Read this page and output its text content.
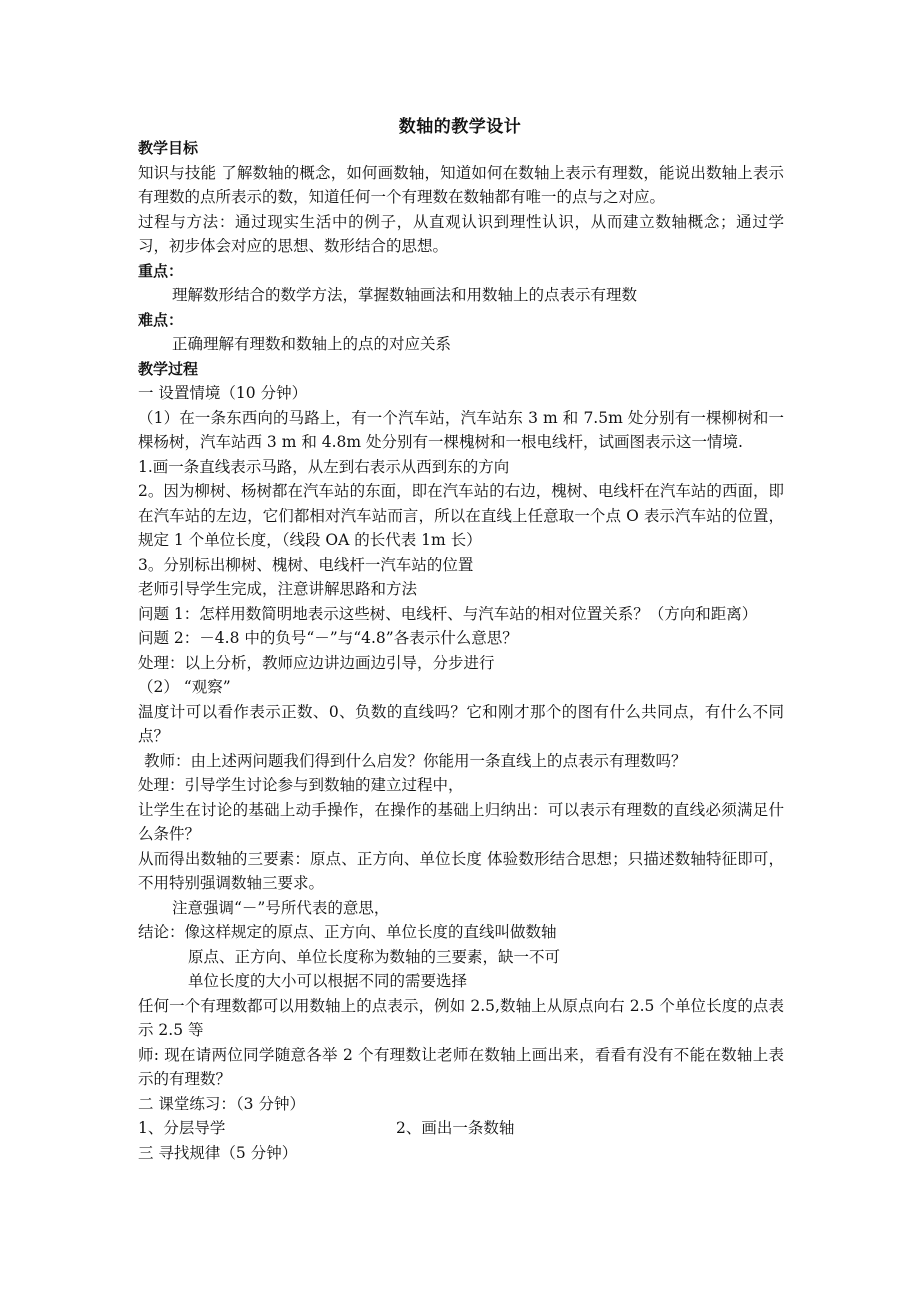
数轴的教学设计
教学目标
知识与技能 了解数轴的概念，如何画数轴，知道如何在数轴上表示有理数，能说出数轴上表示有理数的点所表示的数，知道任何一个有理数在数轴都有唯一的点与之对应。
过程与方法：通过现实生活中的例子，从直观认识到理性认识，从而建立数轴概念；通过学习，初步体会对应的思想、数形结合的思想。
重点：
理解数形结合的数学方法，掌握数轴画法和用数轴上的点表示有理数
难点：
正确理解有理数和数轴上的点的对应关系
教学过程
一 设置情境（10 分钟）
（1）在一条东西向的马路上，有一个汽车站，汽车站东 3 m 和 7.5m 处分别有一棵柳树和一棵杨树，汽车站西 3 m 和 4.8m 处分别有一棵槐树和一根电线杆，试画图表示这一情境.
1.画一条直线表示马路，从左到右表示从西到东的方向
2。因为柳树、杨树都在汽车站的东面，即在汽车站的右边，槐树、电线杆在汽车站的西面，即在汽车站的左边，它们都相对汽车站而言，所以在直线上任意取一个点 O 表示汽车站的位置，规定 1 个单位长度，（线段 OA 的长代表 1m 长）
3。分别标出柳树、槐树、电线杆一汽车站的位置
老师引导学生完成，注意讲解思路和方法
问题 1：怎样用数简明地表示这些树、电线杆、与汽车站的相对位置关系？（方向和距离）
问题 2：－4.8 中的负号“－”与“4.8”各表示什么意思？
处理：以上分析，教师应边讲边画边引导，分步进行
（2） “观察”
温度计可以看作表示正数、0、负数的直线吗？它和刚才那个的图有什么共同点，有什么不同点？
教师：由上述两问题我们得到什么启发？你能用一条直线上的点表示有理数吗？
处理：引导学生讨论参与到数轴的建立过程中，
让学生在讨论的基础上动手操作，在操作的基础上归纳出：可以表示有理数的直线必须满足什么条件？
从而得出数轴的三要素：原点、正方向、单位长度 体验数形结合思想；只描述数轴特征即可，不用特别强调数轴三要求。
注意强调“－”号所代表的意思，
结论：像这样规定的原点、正方向、单位长度的直线叫做数轴
原点、正方向、单位长度称为数轴的三要素，缺一不可
单位长度的大小可以根据不同的需要选择
任何一个有理数都可以用数轴上的点表示，例如 2.5,数轴上从原点向右 2.5 个单位长度的点表示 2.5 等
师: 现在请两位同学随意各举 2 个有理数让老师在数轴上画出来，看看有没有不能在数轴上表示的有理数？
二 课堂练习：（3 分钟）
1、分层导学	2、画出一条数轴
三 寻找规律（5 分钟）
